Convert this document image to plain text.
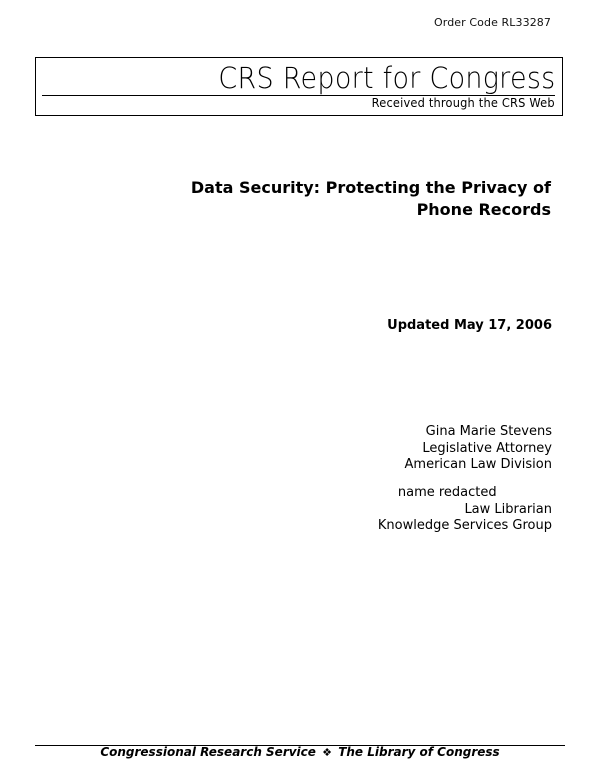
Order Code RL33287
CRS Report for Congress
Received through the CRS Web
Data Security: Protecting the Privacy of
Phone Records
Updated May 17, 2006
Gina Marie Stevens
Legislative Attorney
American Law Division
name redacted
Law Librarian
Knowledge Services Group
Congressional Research Service ❖ The Library of Congress
